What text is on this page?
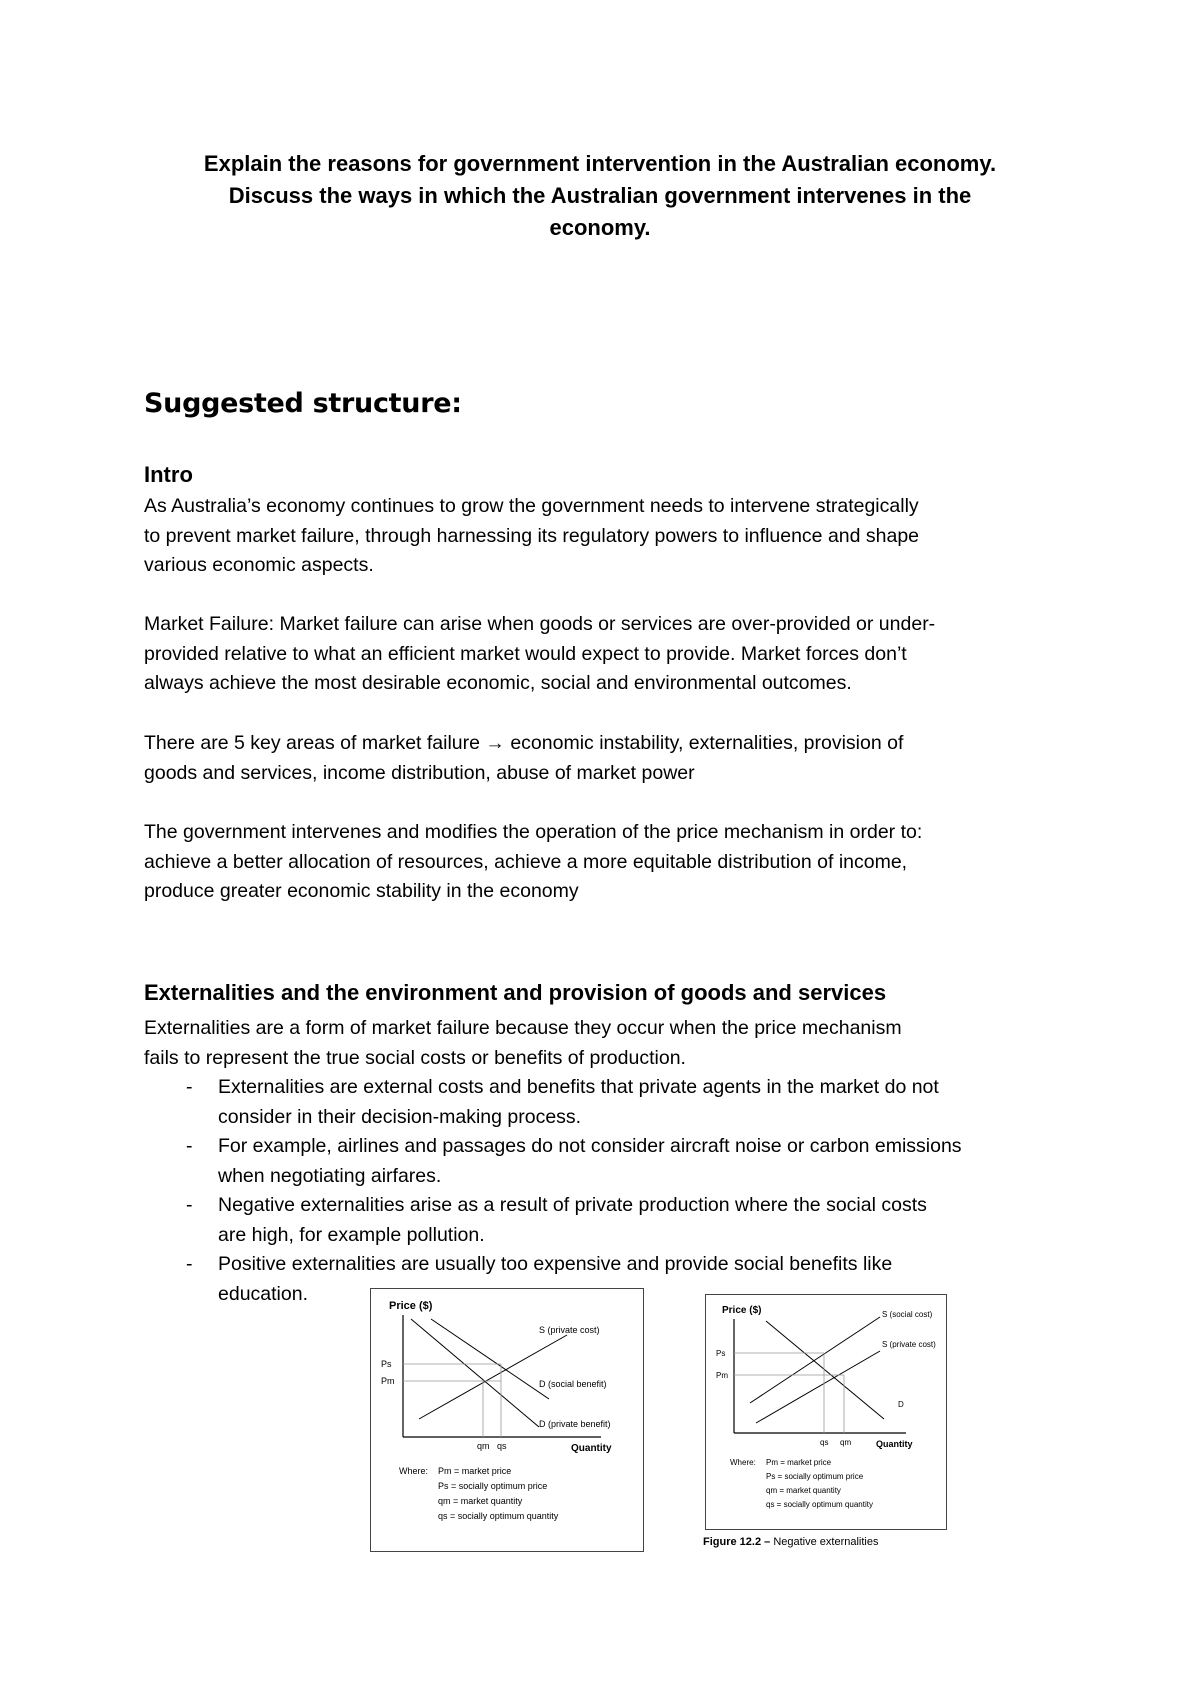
Explain the reasons for government intervention in the Australian economy.
Discuss the ways in which the Australian government intervenes in the
economy.
Suggested structure:
Intro
As Australia’s economy continues to grow the government needs to intervene strategically
to prevent market failure, through harnessing its regulatory powers to influence and shape
various economic aspects.
Market Failure: Market failure can arise when goods or services are over-provided or under-
provided relative to what an efficient market would expect to provide. Market forces don’t
always achieve the most desirable economic, social and environmental outcomes.
There are 5 key areas of market failure → economic instability, externalities, provision of
goods and services, income distribution, abuse of market power
The government intervenes and modifies the operation of the price mechanism in order to:
achieve a better allocation of resources, achieve a more equitable distribution of income,
produce greater economic stability in the economy
Externalities and the environment and provision of goods and services
Externalities are a form of market failure because they occur when the price mechanism
fails to represent the true social costs or benefits of production.
- Externalities are external costs and benefits that private agents in the market do not
consider in their decision-making process.
- For example, airlines and passages do not consider aircraft noise or carbon emissions
when negotiating airfares.
- Negative externalities arise as a result of private production where the social costs
are high, for example pollution.
- Positive externalities are usually too expensive and provide social benefits like
education.
Price ($)
S (private cost)
D (social benefit)
D (private benefit)
Ps
Pm
qm qs	Quantity
Where: Pm = market price
Ps = socially optimum price
qm = market quantity
qs = socially optimum quantity
Price ($)	S (social cost)
S (private cost)
D
Ps
Pm
qs qm	Quantity
Where: Pm = market price
Ps = socially optimum price
qm = market quantity
qs = socially optimum quantity
Figure 12.2 – Negative externalities
